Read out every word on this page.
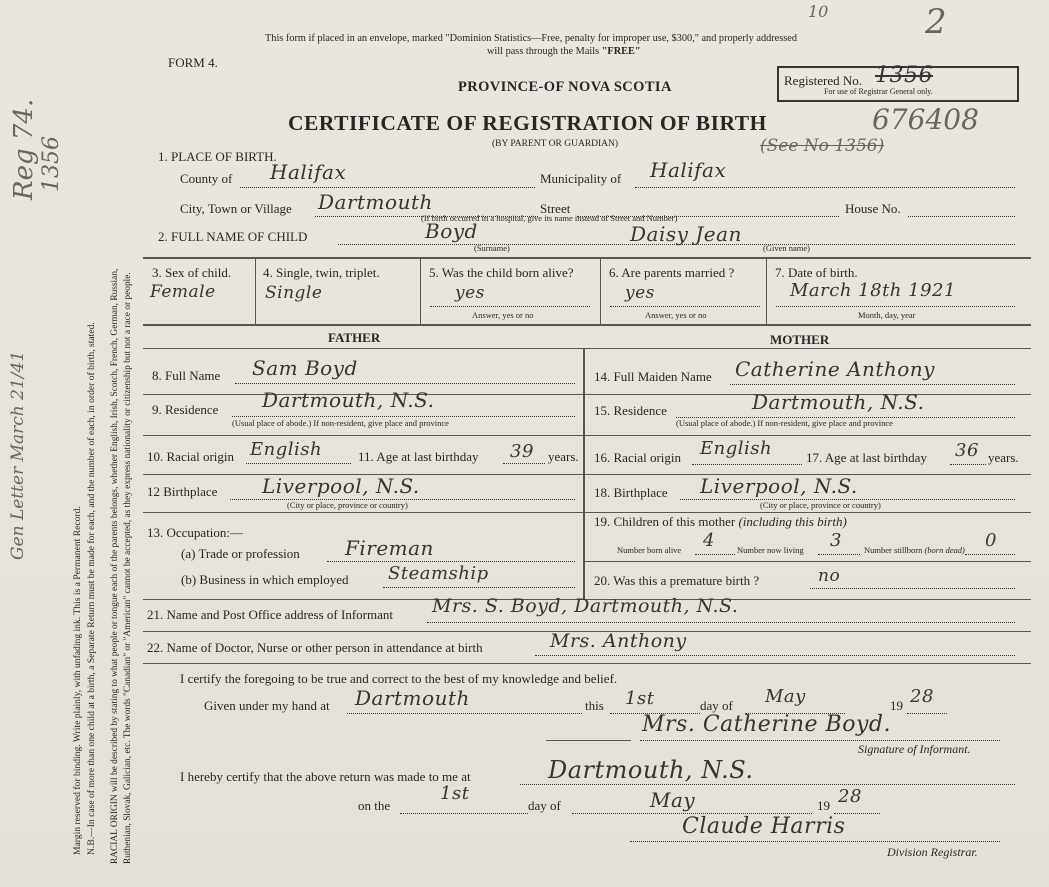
Margin reserved for binding. Write plainly, with unfading ink. This is a Permanent Record. N.B.—In case of more than one child at a birth, a Separate Return must be made for each, and the number of each, in order of birth, stated. RACIAL ORIGIN will be described by stating to what people or tongue each of the parents belongs, whether English, Irish, Scotch, French, German, Russian, Ruthenian, Slovak, Galician, etc. The words "Canadian" or "American" cannot be accepted, as they express nationality or citizenship but not a race or people.
Reg 74. 1356
Gen Letter March 21/41
This form if placed in an envelope, marked "Dominion Statistics—Free, penalty for improper use, $300," and properly addressed
will pass through the Mails "FREE"
10	2
FORM 4.
PROVINCE-OF NOVA SCOTIA
CERTIFICATE OF REGISTRATION OF BIRTH
(BY PARENT OR GUARDIAN)
Registered No. 1356
For use of Registrar General only.
676408
(See No 1356)
1. PLACE OF BIRTH.
County of Halifax	Municipality of Halifax
City, Town or Village Dartmouth	Street	House No.
(If birth occurred in a hospital, give its name instead of Street and Number)
2. FULL NAME OF CHILD	Boyd	Daisy Jean
(Surname)	(Given name)
3. Sex of child.
Female
4. Single, twin, triplet.
Single
5. Was the child born alive?
yes
Answer, yes or no
6. Are parents married ?
yes
Answer, yes or no
7. Date of birth.
March 18th 1921
Month, day, year
FATHER	MOTHER
8. Full Name Sam Boyd
9. Residence Dartmouth, N.S.
(Usual place of abode.) If non-resident, give place and province
10. Racial origin English	11. Age at last birthday 39 years.
12 Birthplace Liverpool, N.S.
(City or place, province or country)
13. Occupation:—
(a) Trade or profession Fireman
(b) Business in which employed Steamship
14. Full Maiden Name Catherine Anthony
15. Residence	Dartmouth, N.S.
(Usual place of abode.) If non-resident, give place and province
16. Racial origin English	17. Age at last birthday 36 years.
18. Birthplace Liverpool, N.S.
(City or place, province or country)
19. Children of this mother (including this birth)
Number born alive 4	Number now living 3	Number stillborn (born dead) 0
20. Was this a premature birth ?	no
21. Name and Post Office address of Informant Mrs. S. Boyd, Dartmouth, N.S.
22. Name of Doctor, Nurse or other person in attendance at birth	Mrs. Anthony
I certify the foregoing to be true and correct to the best of my knowledge and belief.
Given under my hand at Dartmouth	this 1st	day of May	19 28
Mrs. Catherine Boyd.
Signature of Informant.
I hereby certify that the above return was made to me at	Dartmouth, N.S.
on the
1st
day of	May	19 28
Claude Harris
Division Registrar.
